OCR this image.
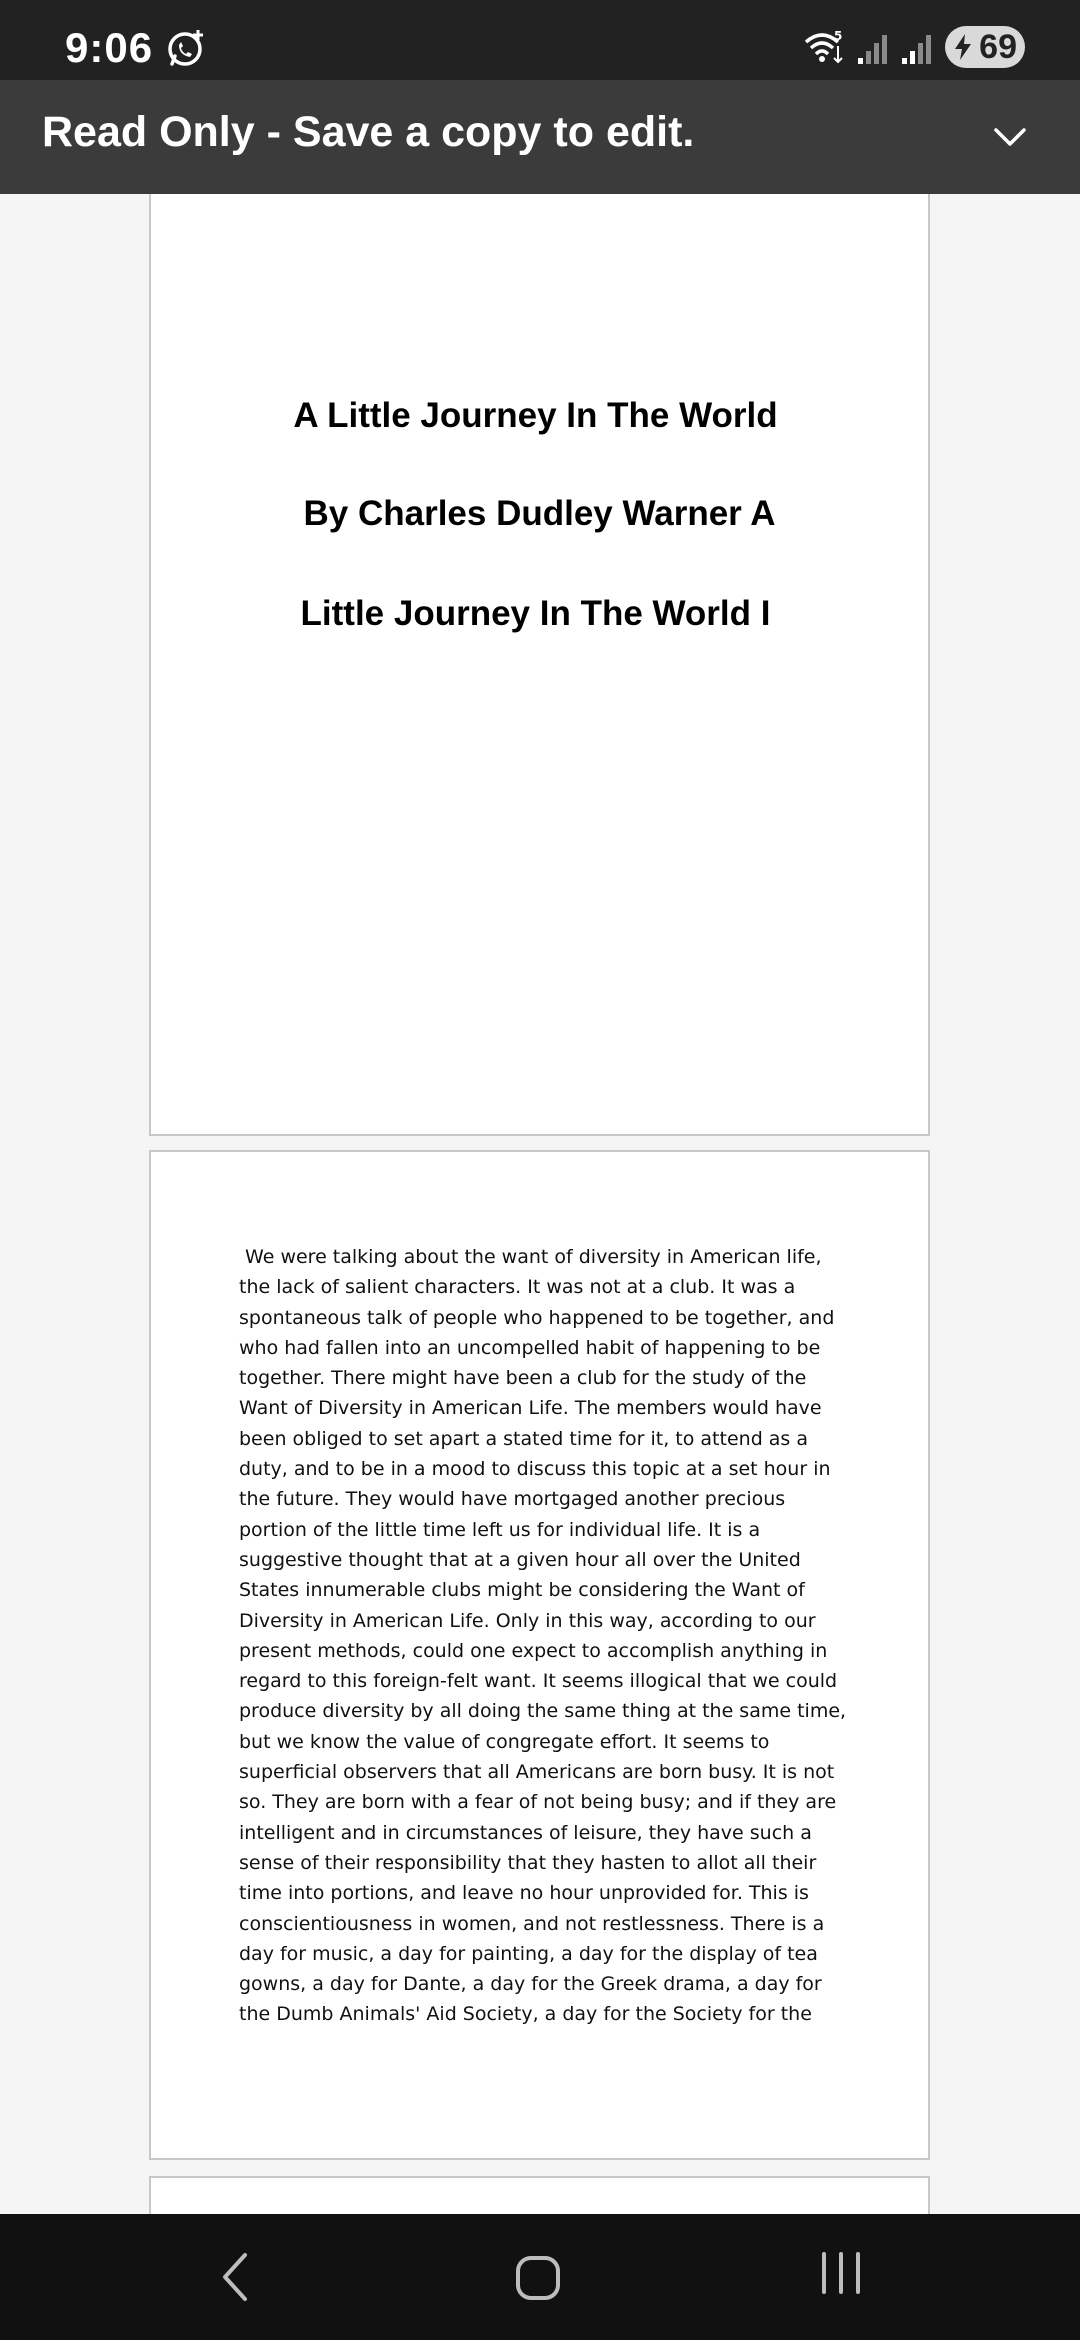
9:06	5	69
Read Only - Save a copy to edit.
A Little Journey In The World
By Charles Dudley Warner A
Little Journey In The World I
We were talking about the want of diversity in American life,
the lack of salient characters. It was not at a club. It was a
spontaneous talk of people who happened to be together, and
who had fallen into an uncompelled habit of happening to be
together. There might have been a club for the study of the
Want of Diversity in American Life. The members would have
been obliged to set apart a stated time for it, to attend as a
duty, and to be in a mood to discuss this topic at a set hour in
the future. They would have mortgaged another precious
portion of the little time left us for individual life. It is a
suggestive thought that at a given hour all over the United
States innumerable clubs might be considering the Want of
Diversity in American Life. Only in this way, according to our
present methods, could one expect to accomplish anything in
regard to this foreign-felt want. It seems illogical that we could
produce diversity by all doing the same thing at the same time,
but we know the value of congregate effort. It seems to
superficial observers that all Americans are born busy. It is not
so. They are born with a fear of not being busy; and if they are
intelligent and in circumstances of leisure, they have such a
sense of their responsibility that they hasten to allot all their
time into portions, and leave no hour unprovided for. This is
conscientiousness in women, and not restlessness. There is a
day for music, a day for painting, a day for the display of tea
gowns, a day for Dante, a day for the Greek drama, a day for
the Dumb Animals' Aid Society, a day for the Society for the
